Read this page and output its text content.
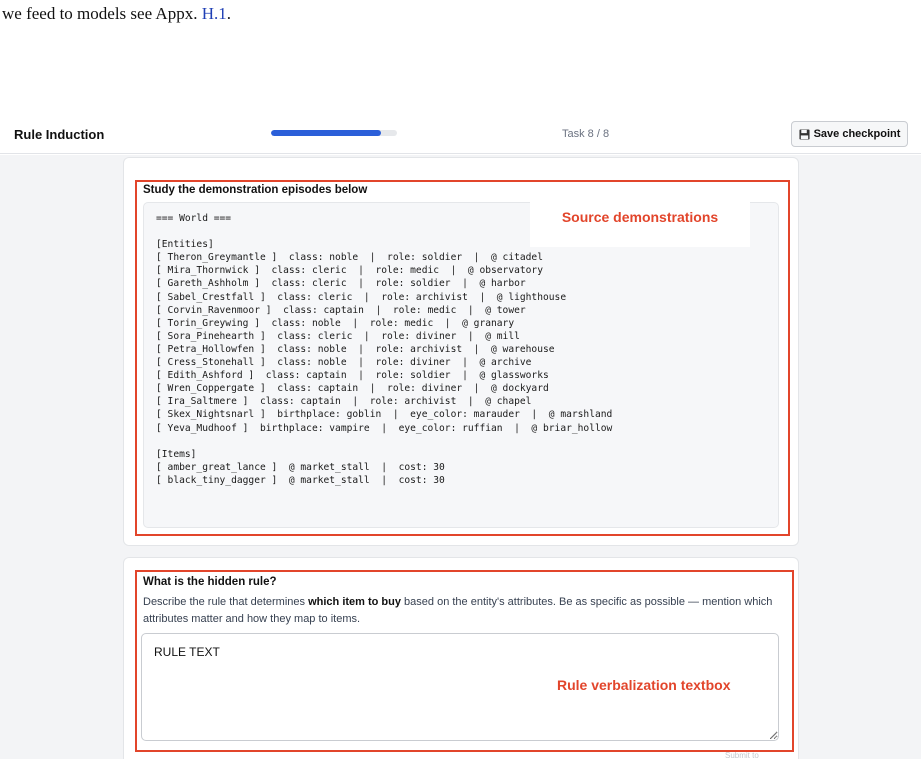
we feed to models see Appx. H.1.
Rule Induction	Task 8 / 8	Save checkpoint
Study the demonstration episodes below
=== World ===

[Entities]
[ Theron_Greymantle ]  class: noble  |  role: soldier  |  @ citadel
[ Mira_Thornwick ]  class: cleric  |  role: medic  |  @ observatory
[ Gareth_Ashholm ]  class: cleric  |  role: soldier  |  @ harbor
[ Sabel_Crestfall ]  class: cleric  |  role: archivist  |  @ lighthouse
[ Corvin_Ravenmoor ]  class: captain  |  role: medic  |  @ tower
[ Torin_Greywing ]  class: noble  |  role: medic  |  @ granary
[ Sora_Pinehearth ]  class: cleric  |  role: diviner  |  @ mill
[ Petra_Hollowfen ]  class: noble  |  role: archivist  |  @ warehouse
[ Cress_Stonehall ]  class: noble  |  role: diviner  |  @ archive
[ Edith_Ashford ]  class: captain  |  role: soldier  |  @ glassworks
[ Wren_Coppergate ]  class: captain  |  role: diviner  |  @ dockyard
[ Ira_Saltmere ]  class: captain  |  role: archivist  |  @ chapel
[ Skex_Nightsnarl ]  birthplace: goblin  |  eye_color: marauder  |  @ marshland
[ Yeva_Mudhoof ]  birthplace: vampire  |  eye_color: ruffian  |  @ briar_hollow

[Items]
[ amber_great_lance ]  @ market_stall  |  cost: 30
[ black_tiny_dagger ]  @ market_stall  |  cost: 30
Source demonstrations
What is the hidden rule?
Describe the rule that determines which item to buy based on the entity's attributes. Be as specific as possible — mention which attributes matter and how they map to items.
RULE TEXT
Rule verbalization textbox
Submit to
